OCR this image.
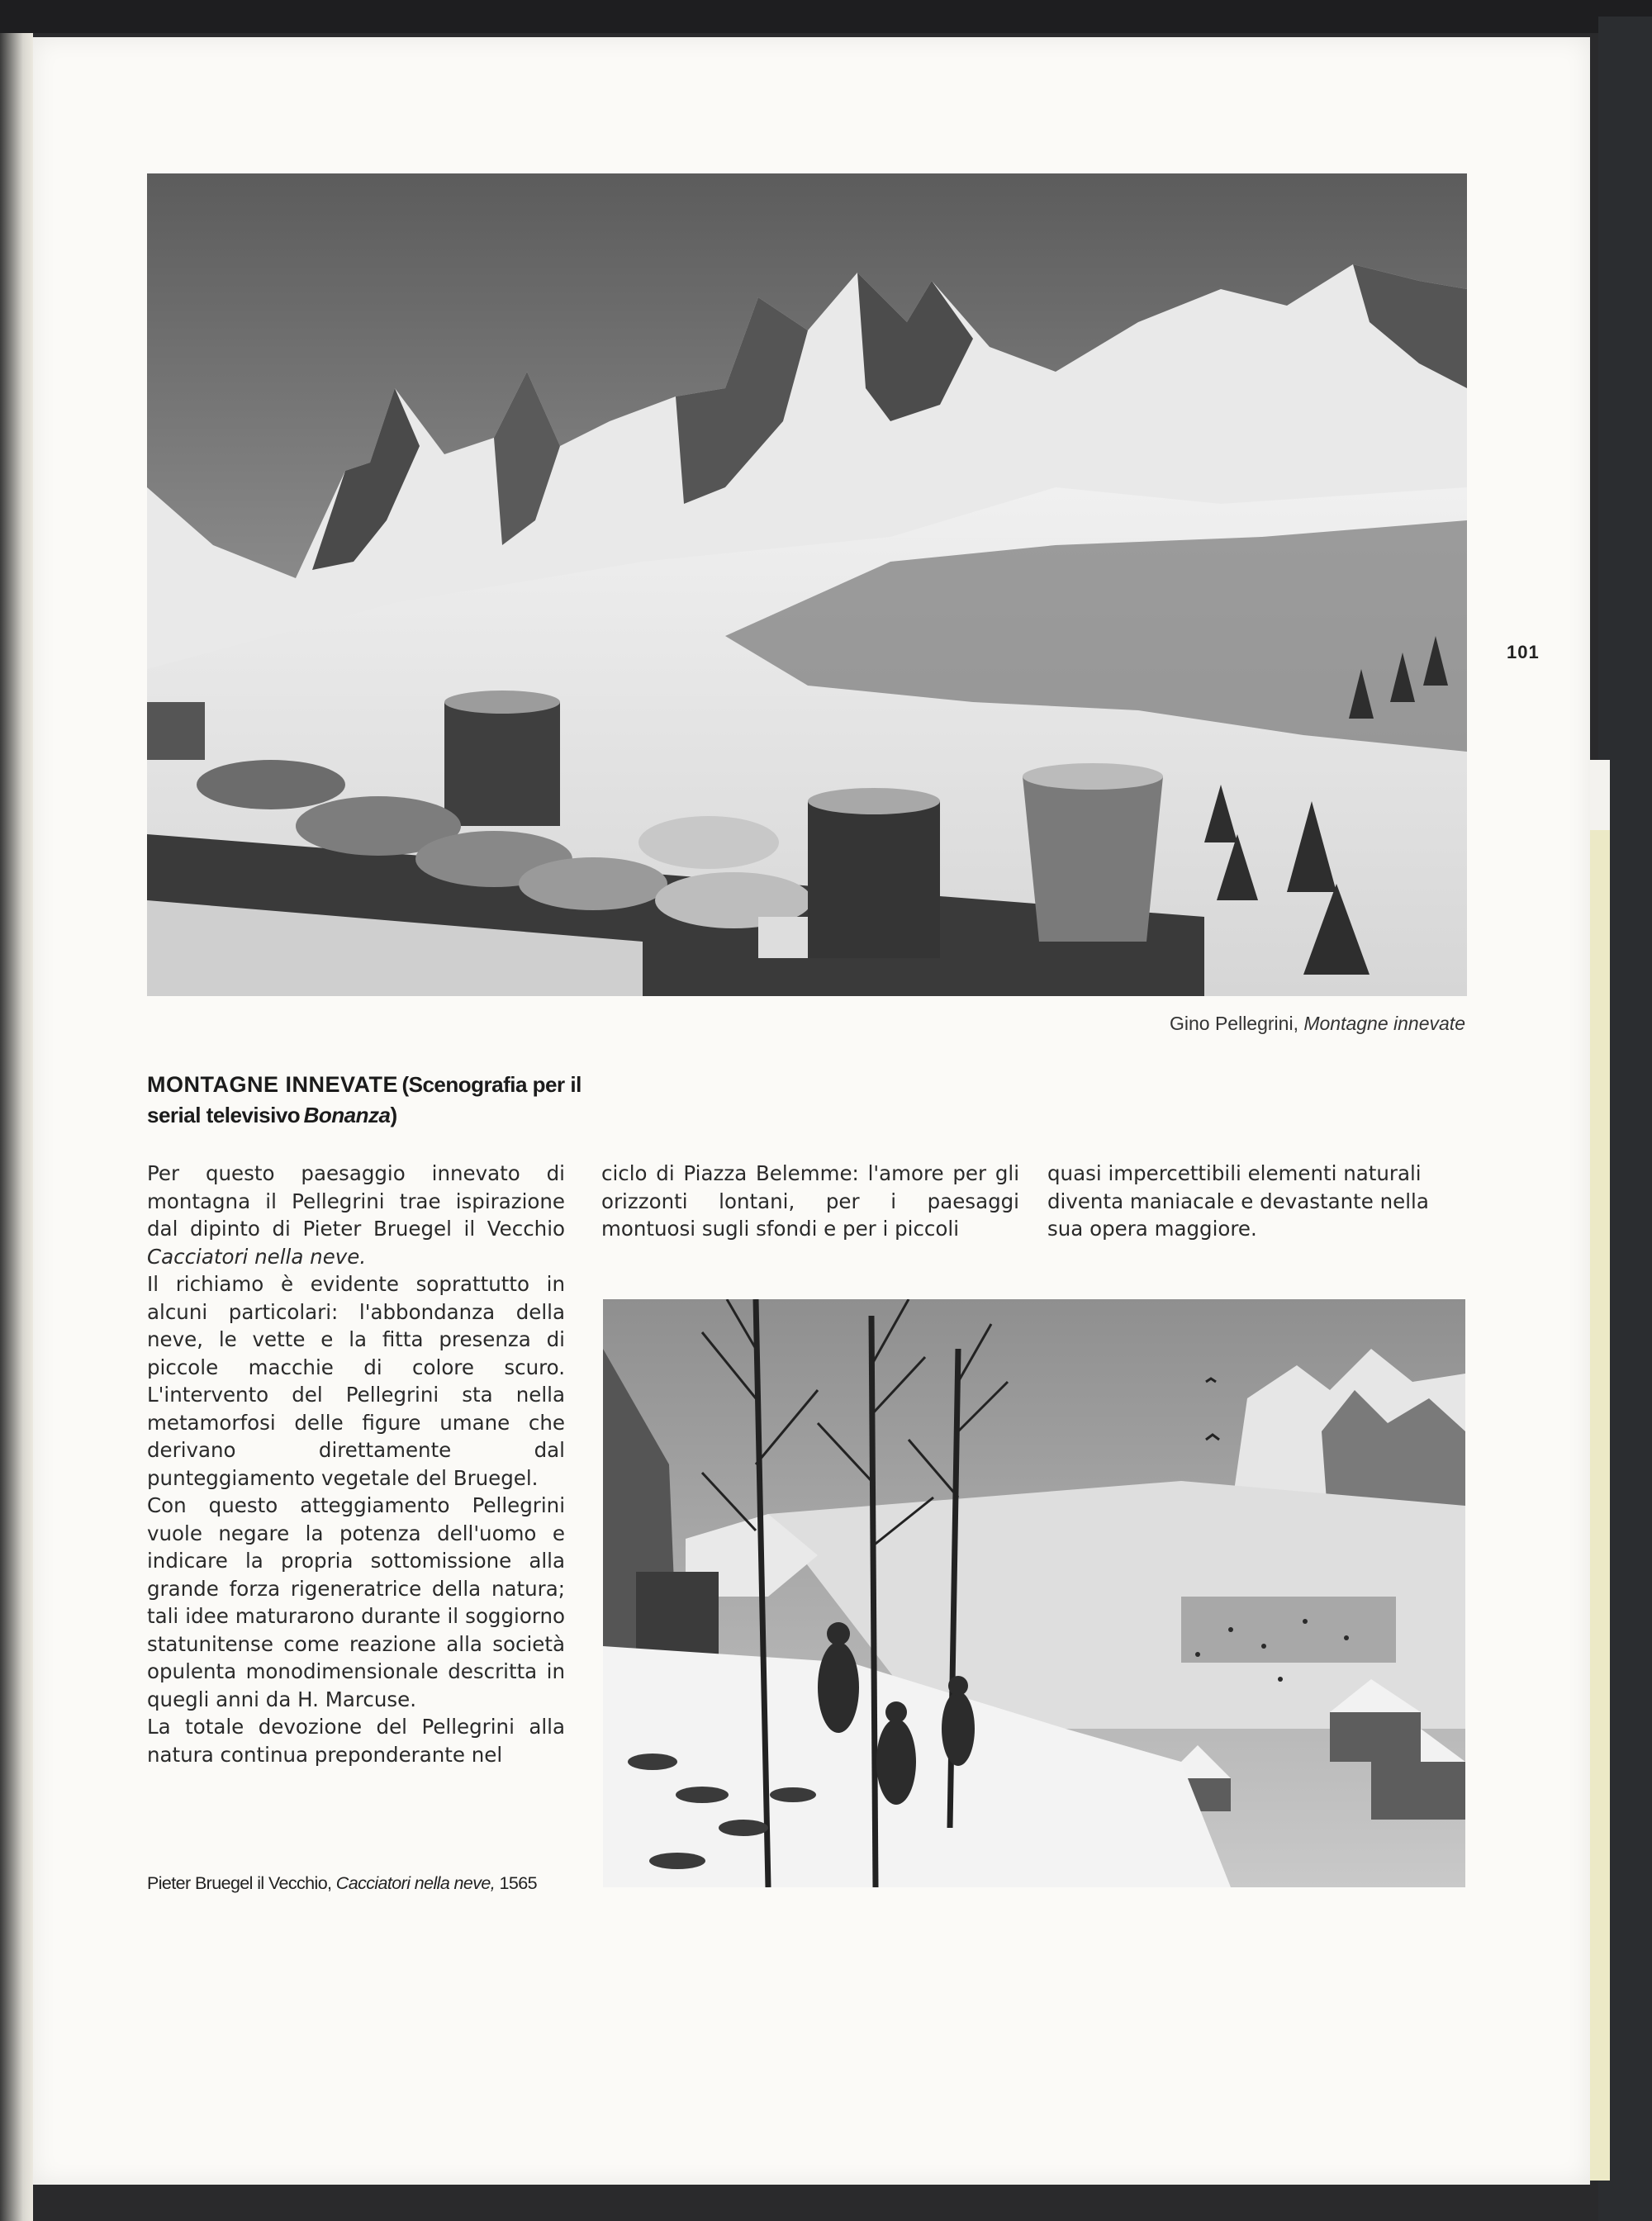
101
Gino Pellegrini, Montagne innevate
MONTAGNE INNEVATE (Scenografia per il serial televisivo Bonanza)

Per questo paesaggio innevato di montagna il Pellegrini trae ispirazione dal dipinto di Pieter Bruegel il Vecchio Cacciatori nella neve.

Il richiamo è evidente soprattutto in alcuni particolari: l'abbondanza della neve, le vette e la fitta presenza di piccole macchie di colore scuro. L'intervento del Pellegrini sta nella metamorfosi delle figure umane che derivano direttamente dal punteggiamento vegetale del Bruegel.

Con questo atteggiamento Pellegrini vuole negare la potenza dell'uomo e indicare la propria sottomissione alla grande forza rigeneratrice della natura; tali idee maturarono durante il soggiorno statunitense come reazione alla società opulenta monodimensionale descritta in quegli anni da H. Marcuse.

La totale devozione del Pellegrini alla natura continua preponderante nel

ciclo di Piazza Belemme: l'amore per gli orizzonti lontani, per i paesaggi montuosi sugli sfondi e per i piccoli

quasi impercettibili elementi naturali diventa maniacale e devastante nella sua opera maggiore.

Pieter Bruegel il Vecchio, Cacciatori nella neve, 1565
